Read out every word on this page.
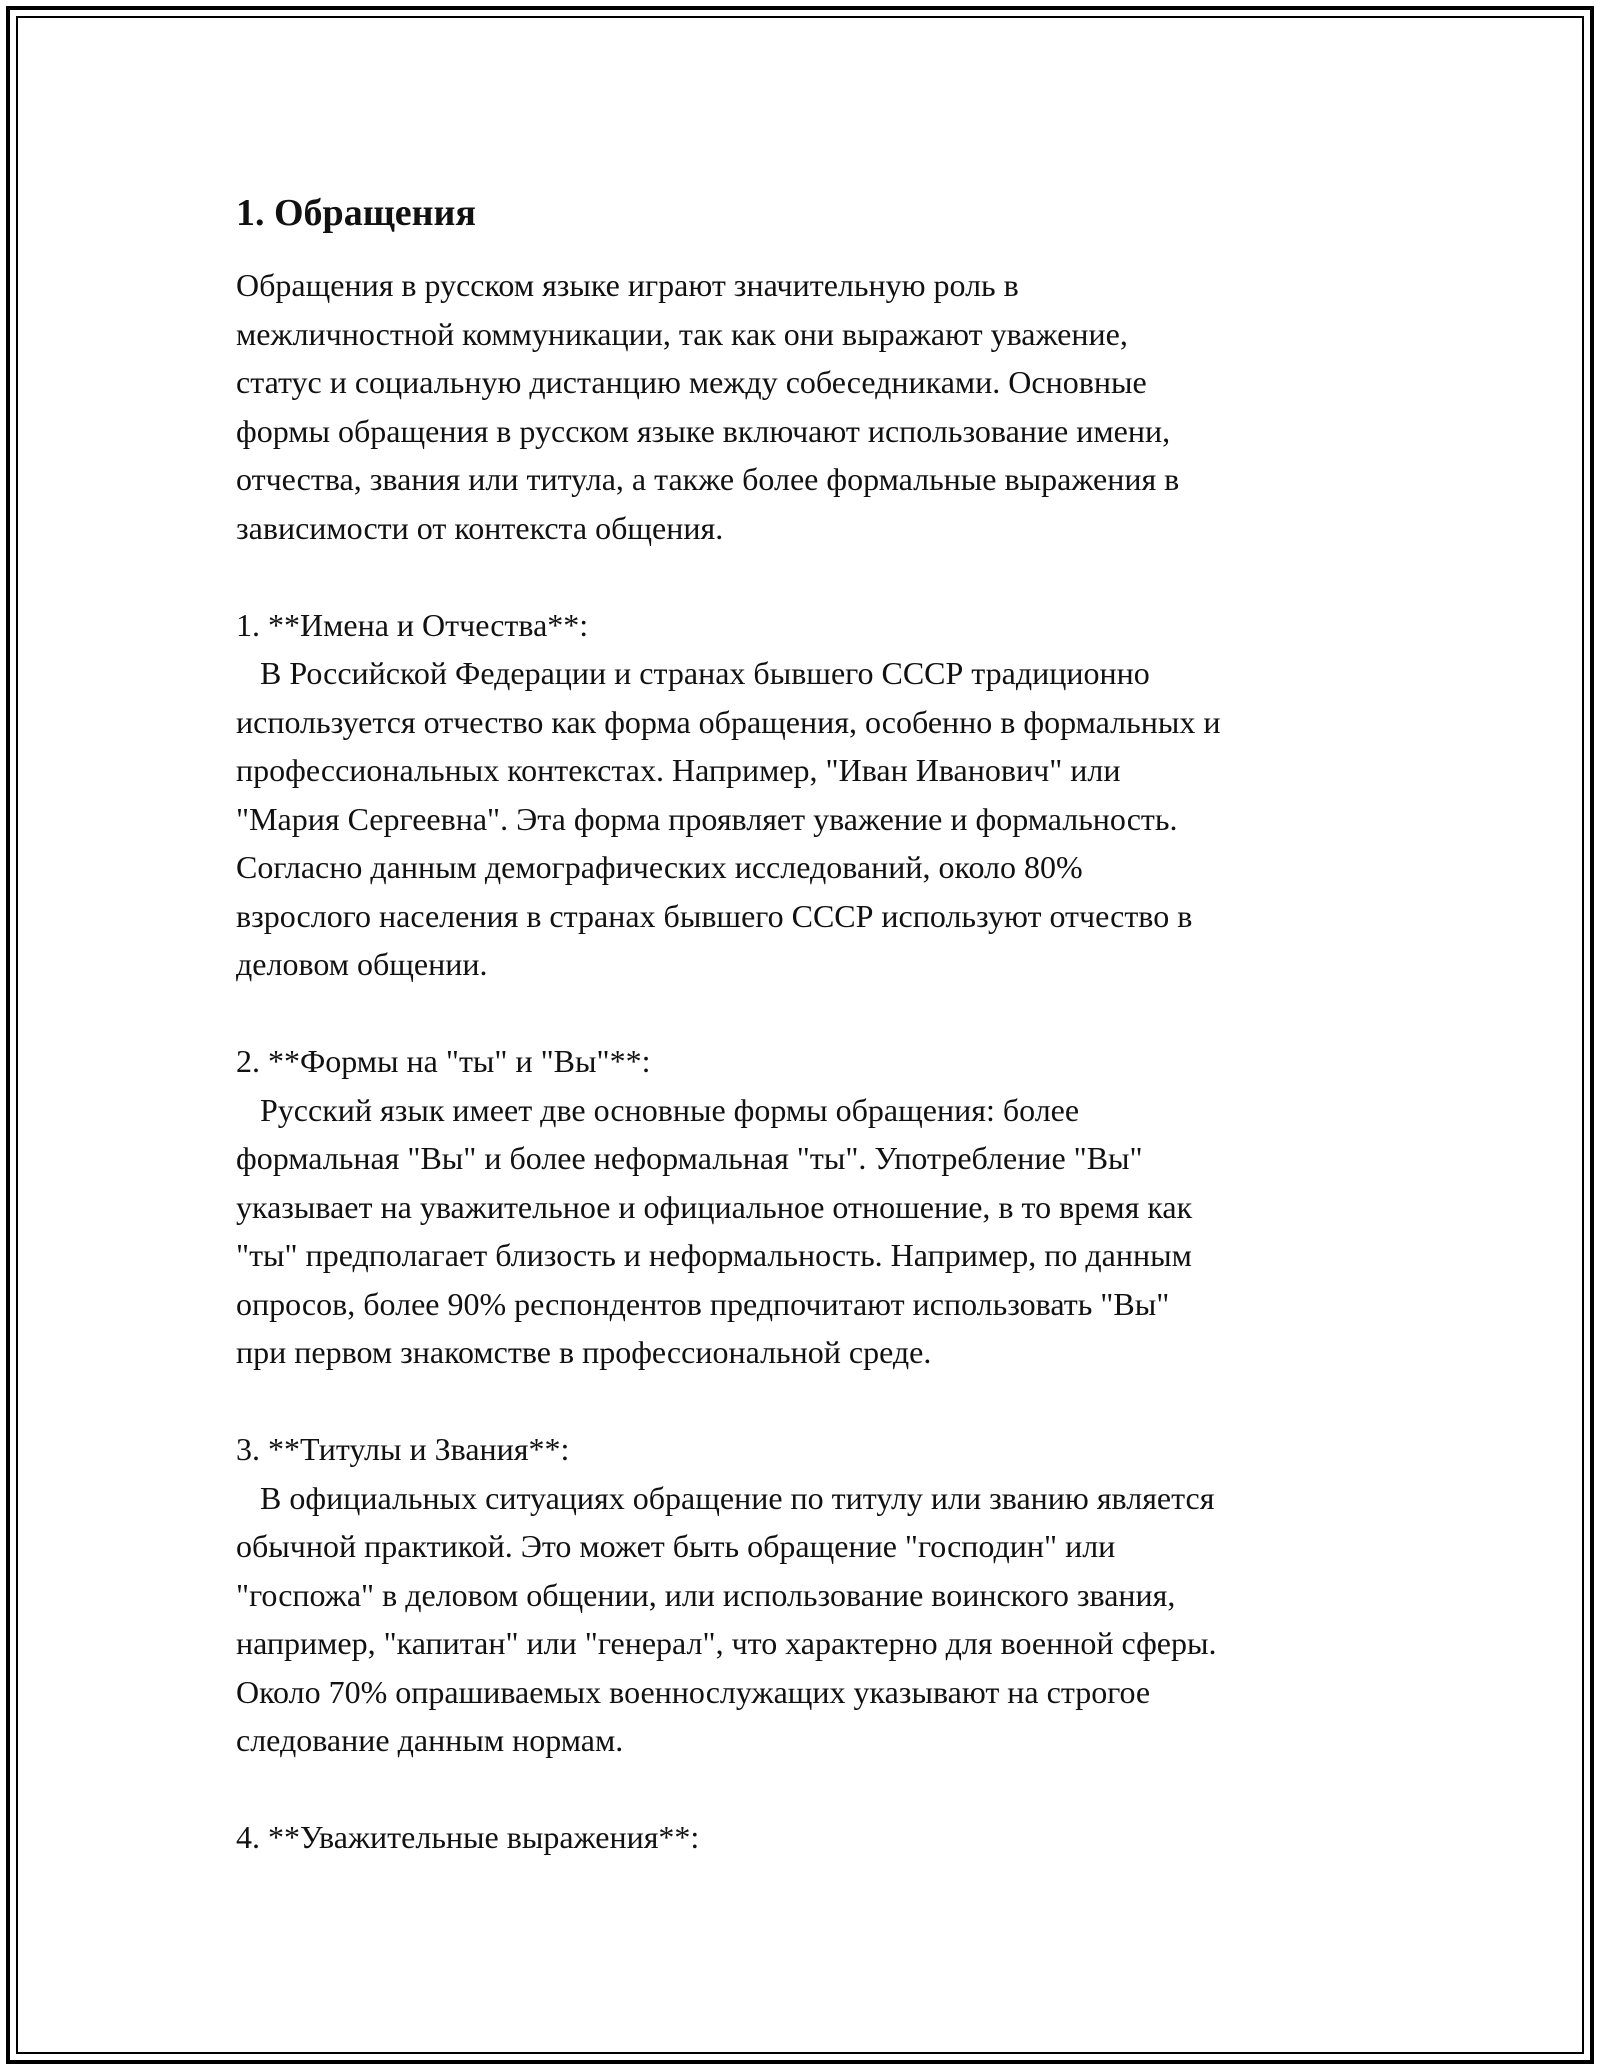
1. Обращения

Обращения в русском языке играют значительную роль в
межличностной коммуникации, так как они выражают уважение,
статус и социальную дистанцию между собеседниками. Основные
формы обращения в русском языке включают использование имени,
отчества, звания или титула, а также более формальные выражения в
зависимости от контекста общения.

1. **Имена и Отчества**:

В Российской Федерации и странах бывшего СССР традиционно
используется отчество как форма обращения, особенно в формальных и
профессиональных контекстах. Например, "Иван Иванович" или
"Мария Сергеевна". Эта форма проявляет уважение и формальность.
Согласно данным демографических исследований, около 80%
взрослого населения в странах бывшего СССР используют отчество в
деловом общении.

2. **Формы на "ты" и "Вы"**:

Русский язык имеет две основные формы обращения: более
формальная "Вы" и более неформальная "ты". Употребление "Вы"
указывает на уважительное и официальное отношение, в то время как
"ты" предполагает близость и неформальность. Например, по данным
опросов, более 90% респондентов предпочитают использовать "Вы"
при первом знакомстве в профессиональной среде.

3. **Титулы и Звания**:

В официальных ситуациях обращение по титулу или званию является
обычной практикой. Это может быть обращение "господин" или
"госпожа" в деловом общении, или использование воинского звания,
например, "капитан" или "генерал", что характерно для военной сферы.
Около 70% опрашиваемых военнослужащих указывают на строгое
следование данным нормам.

4. **Уважительные выражения**:
